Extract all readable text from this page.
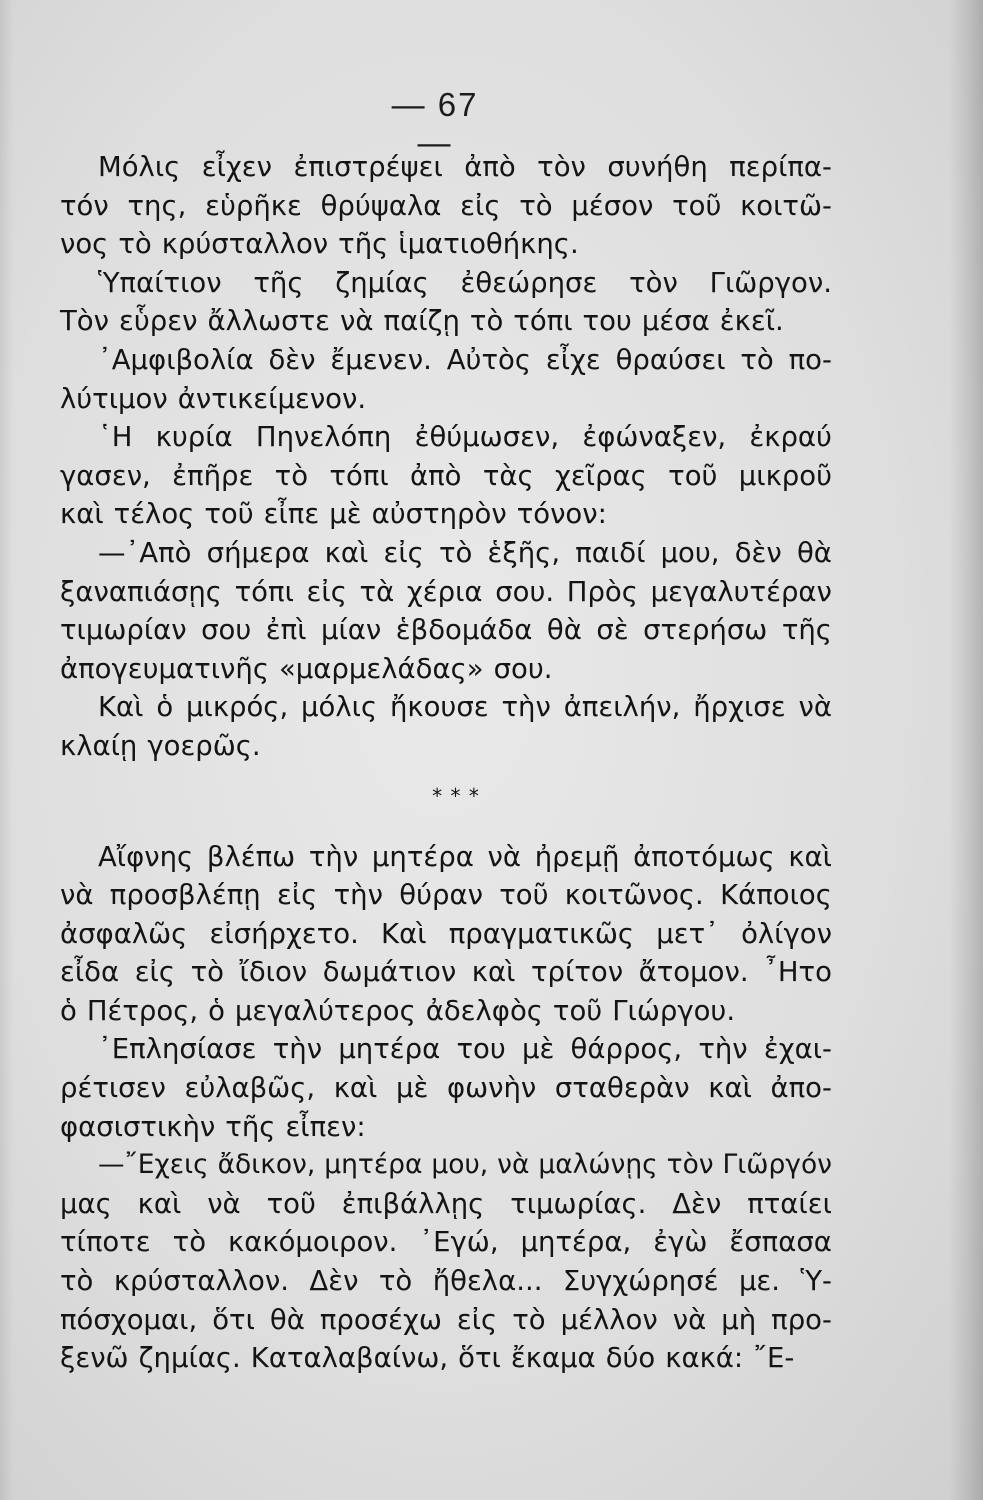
— 67 —
Μόλις εἶχεν ἐπιστρέψει ἀπὸ τὸν συνήθη περίπα-
τόν της, εὑρῆκε θρύψαλα εἰς τὸ μέσον τοῦ κοιτῶ-
νος τὸ κρύσταλλον τῆς ἱματιοθήκης.
Ὑπαίτιον τῆς ζημίας ἐθεώρησε τὸν Γιῶργον.
Τὸν εὗρεν ἄλλωστε νὰ παίζῃ τὸ τόπι του μέσα ἐκεῖ.
᾿Αμφιβολία δὲν ἔμενεν. Αὐτὸς εἶχε θραύσει τὸ πο-
λύτιμον ἀντικείμενον.
῾Η κυρία Πηνελόπη ἐθύμωσεν, ἐφώναξεν, ἐκραύ
γασεν, ἐπῆρε τὸ τόπι ἀπὸ τὰς χεῖρας τοῦ μικροῦ
καὶ τέλος τοῦ εἶπε μὲ αὐστηρὸν τόνον:
—᾿Απὸ σήμερα καὶ εἰς τὸ ἑξῆς, παιδί μου, δὲν θὰ
ξαναπιάσῃς τόπι εἰς τὰ χέρια σου. Πρὸς μεγαλυτέραν
τιμωρίαν σου ἐπὶ μίαν ἑβδομάδα θὰ σὲ στερήσω τῆς
ἀπογευματινῆς «μαρμελάδας» σου.
Καὶ ὁ μικρός, μόλις ἤκουσε τὴν ἀπειλήν, ἤρχισε νὰ
κλαίῃ γοερῶς.
* * *
Αἴφνης βλέπω τὴν μητέρα νὰ ἠρεμῇ ἀποτόμως καὶ
νὰ προσβλέπῃ εἰς τὴν θύραν τοῦ κοιτῶνος. Κάποιος
ἀσφαλῶς εἰσήρχετο. Καὶ πραγματικῶς μετ᾿ ὀλίγον
εἶδα εἰς τὸ ἴδιον δωμάτιον καὶ τρίτον ἄτομον. ῏Ητο
ὁ Πέτρος, ὁ μεγαλύτερος ἀδελφὸς τοῦ Γιώργου.
᾿Επλησίασε τὴν μητέρα του μὲ θάρρος, τὴν ἐχαι-
ρέτισεν εὐλαβῶς, καὶ μὲ φωνὴν σταθερὰν καὶ ἀπο-
φασιστικὴν τῆς εἶπεν:
—῎Εχεις ἄδικον, μητέρα μου, νὰ μαλώνῃς τὸν Γιῶργόν
μας καὶ νὰ τοῦ ἐπιβάλλῃς τιμωρίας. Δὲν πταίει
τίποτε τὸ κακόμοιρον. ᾿Εγώ, μητέρα, ἐγὼ ἔσπασα
τὸ κρύσταλλον. Δὲν τὸ ἤθελα... Συγχώρησέ με. Ὑ-
πόσχομαι, ὅτι θὰ προσέχω εἰς τὸ μέλλον νὰ μὴ προ-
ξενῶ ζημίας. Καταλαβαίνω, ὅτι ἔκαμα δύο κακά: ῎Ε-
